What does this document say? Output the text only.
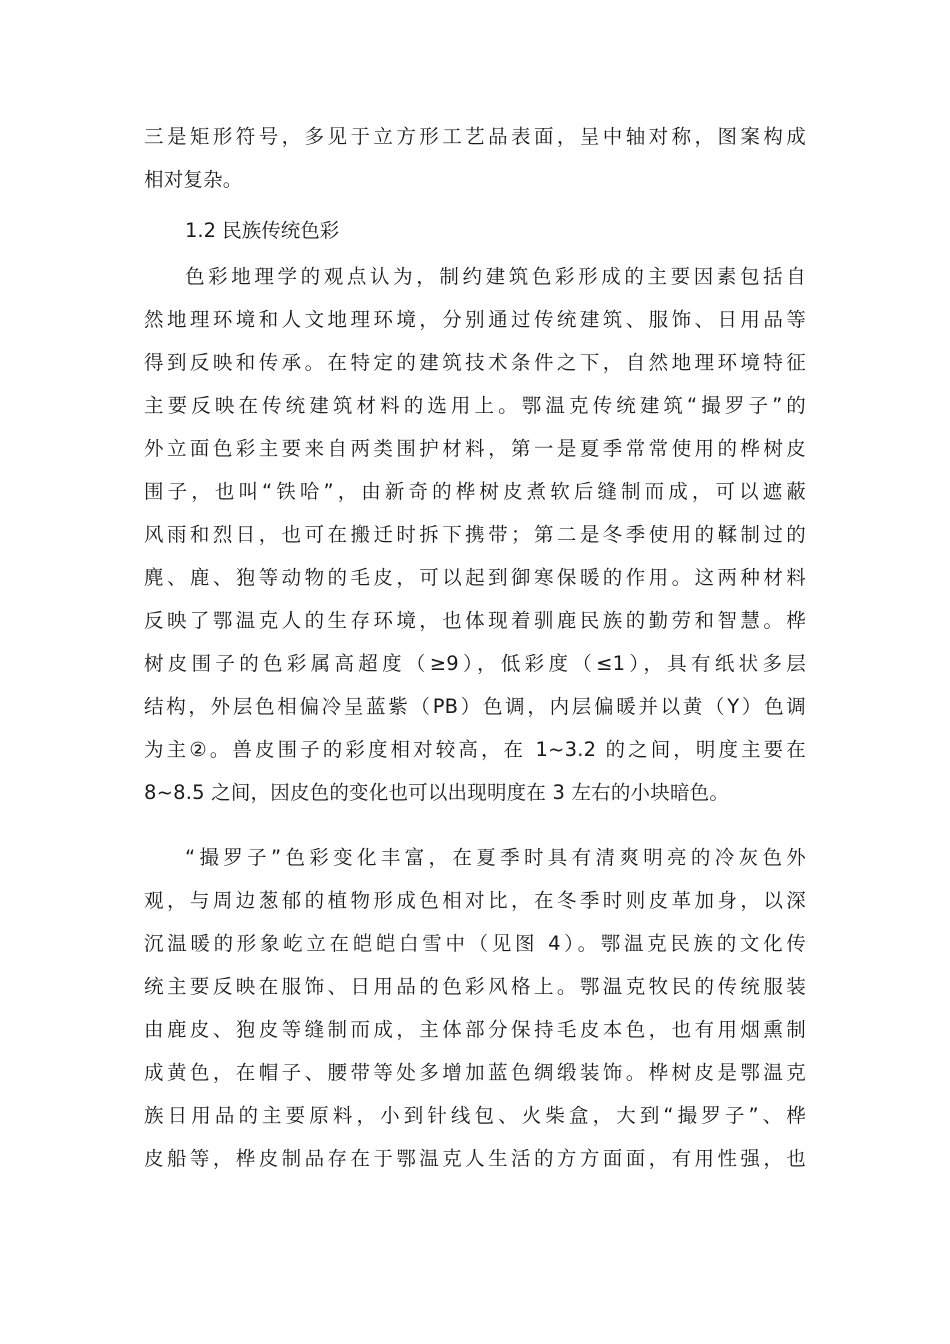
三是矩形符号，多见于立方形工艺品表面，呈中轴对称，图案构成
相对复杂。
1.2 民族传统色彩
色彩地理学的观点认为，制约建筑色彩形成的主要因素包括自
然地理环境和人文地理环境，分别通过传统建筑、服饰、日用品等
得到反映和传承。在特定的建筑技术条件之下，自然地理环境特征
主要反映在传统建筑材料的选用上。鄂温克传统建筑“撮罗子”的
外立面色彩主要来自两类围护材料，第一是夏季常常使用的桦树皮
围子，也叫“铁哈”，由新奇的桦树皮煮软后缝制而成，可以遮蔽
风雨和烈日，也可在搬迁时拆下携带；第二是冬季使用的鞣制过的
麂、鹿、狍等动物的毛皮，可以起到御寒保暖的作用。这两种材料
反映了鄂温克人的生存环境，也体现着驯鹿民族的勤劳和智慧。桦
树皮围子的色彩属高超度（≥9），低彩度（≤1），具有纸状多层
结构，外层色相偏冷呈蓝紫（PB）色调，内层偏暖并以黄（Y）色调
为主②。兽皮围子的彩度相对较高，在 1~3.2 的之间，明度主要在
8~8.5 之间，因皮色的变化也可以出现明度在 3 左右的小块暗色。
“撮罗子”色彩变化丰富，在夏季时具有清爽明亮的冷灰色外
观，与周边葱郁的植物形成色相对比，在冬季时则皮革加身，以深
沉温暖的形象屹立在皑皑白雪中（见图 4）。鄂温克民族的文化传
统主要反映在服饰、日用品的色彩风格上。鄂温克牧民的传统服装
由鹿皮、狍皮等缝制而成，主体部分保持毛皮本色，也有用烟熏制
成黄色，在帽子、腰带等处多增加蓝色绸缎装饰。桦树皮是鄂温克
族日用品的主要原料，小到针线包、火柴盒，大到“撮罗子”、桦
皮船等，桦皮制品存在于鄂温克人生活的方方面面，有用性强，也
